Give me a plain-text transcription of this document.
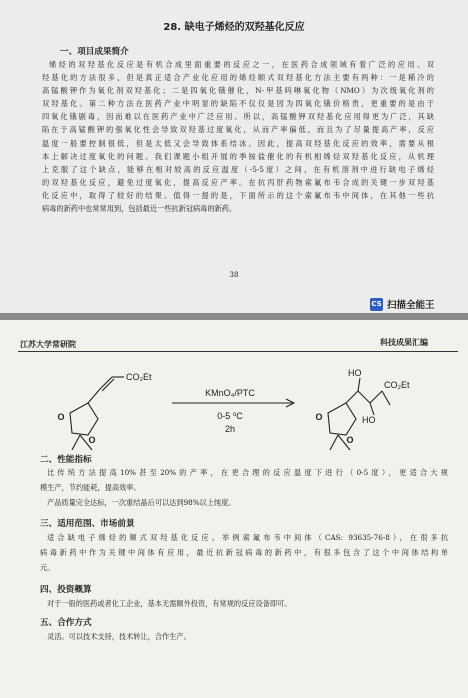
28. 缺电子烯烃的双羟基化反应
一、项目成果简介
烯烃的双羟基化反应是有机合成里面重要的反应之一，在医药合成领域有着广泛的应用。双
羟基化的方法很多，但是真正适合产业化应用的烯烃顺式双羟基化方法主要有两种：一是稀冷的
高锰酸钾作为氧化剂双羟基化；二是四氧化锇催化，N-甲基吗啉氧化物（NMO）为次级氧化剂的
双羟基化。第二种方法在医药产业中明显的缺陷不仅仅是因为四氧化锇价格贵，更重要的是由于
四氧化锇剧毒，因而难以在医药产业中广泛应用。所以，高锰酸钾双羟基化应用得更为广泛，其缺
陷在于高锰酸钾的强氧化性会导致双羟基过度氧化，从而产率偏低，而且为了尽量提高产率，反应
温度一般要控制很低，但是太低又会导致体系结冰。因此，提高双羟基化反应的效率，需要从根
本上解决过度氧化的问题。我们课题小组开展的季铵盐催化的有机相烯烃双羟基化反应，从机理
上克服了这个缺点，能够在相对较高的反应温度（-5-5度）之间，在有机溶剂中进行缺电子烯烃
的双羟基化反应，避免过度氧化，提高反应产率。在抗丙肝药物索氟布韦合成的关键一步双羟基
化反应中，取得了较好的结果。值得一提的是，下面所示的这个索氟布韦中间体，在其他一些抗
病毒的新药中也常常用到，包括最近一些抗新冠病毒的新药。
38
CS 扫描全能王
江苏大学常研院	科技成果汇编
O
O
O
O
CO₂Et
KMnO₄/PTC
0-5 ⁰C
2h
HO
HO
CO₂Et
二、性能指标
比传统方法提高10%甚至20%的产率，在更合理的反应温度下进行（0-5度），更适合大规
模生产，节约能耗，提高效率。
产品质量完全达标，一次重结晶后可以达到98%以上纯度。
三、适用范围、市场前景
适合缺电子烯烃的顺式双羟基化反应。举例索氟布韦中间体（CAS: 93635-76-8），在很多抗
病毒新药中作为关键中间体有应用，最近抗新冠病毒的新药中，有很多包含了这个中间体结构单
元。
四、投资概算
对于一般的医药或者化工企业，基本无需额外投资，有常规的反应设备即可。
五、合作方式
灵活。可以技术支持，技术转让，合作生产。
